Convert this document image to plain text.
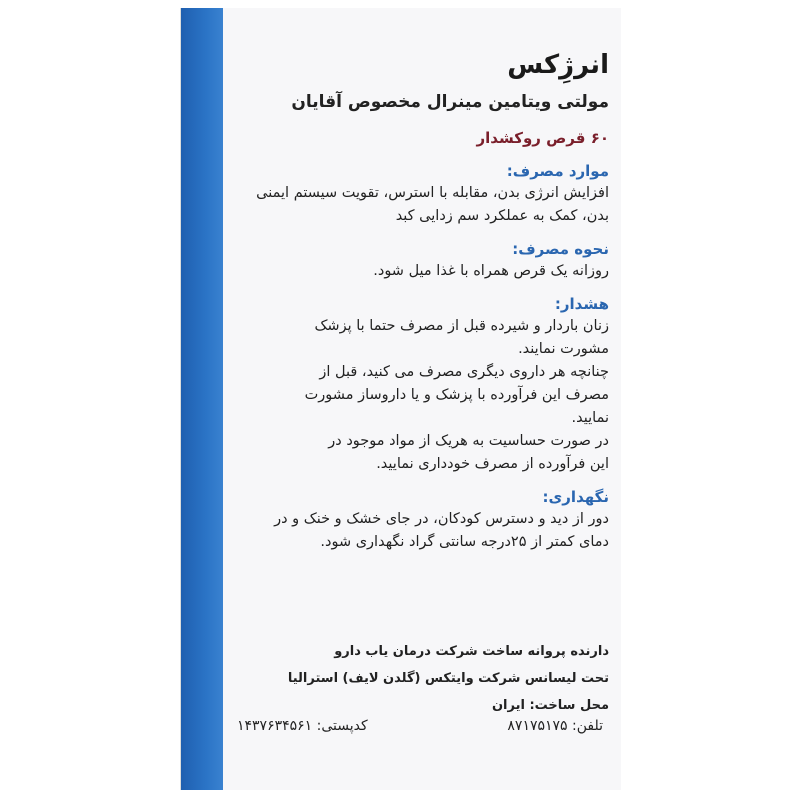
انرژِکس
مولتی ویتامین مینرال مخصوص آقایان
۶۰ قرص روکشدار
موارد مصرف:

افزایش انرژی بدن، مقابله با استرس، تقویت سیستم ایمنی

بدن، کمک به عملکرد سم زدایی کبد

نحوه مصرف:

روزانه یک قرص همراه با غذا میل شود.

هشدار:

زنان باردار و شیرده قبل از مصرف حتما با پزشک

مشورت نمایند.

چنانچه هر داروی دیگری مصرف می کنید، قبل از

مصرف این فرآورده با پزشک و یا داروساز مشورت

نمایید.

در صورت حساسیت به هریک از مواد موجود در

این فرآورده از مصرف خودداری نمایید.

نگهداری:

دور از دید و دسترس کودکان، در جای خشک و خنک و در

دمای کمتر از ۲۵درجه سانتی گراد نگهداری شود.

دارنده پروانه ساخت شرکت درمان یاب دارو
تحت لیسانس شرکت وایتکس (گلدن لایف) استرالیا
محل ساخت: ایران
تلفن: ۸۷۱۷۵۱۷۵
کدپستی: ۱۴۳۷۶۳۴۵۶۱
